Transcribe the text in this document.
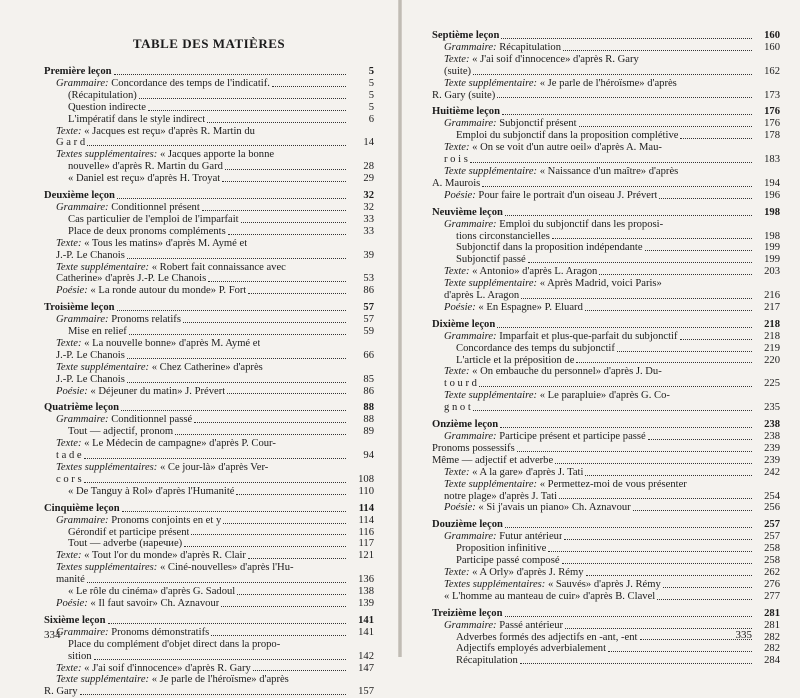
TABLE DES MATIÈRES
Première leçon	5
Grammaire: Concordance des temps de l'indicatif.	5
(Récapitulation)	5
Question indirecte	5
L'impératif dans le style indirect	6
Texte: « Jacques est reçu» d'après R. Martin du
G a r d	14
Textes supplémentaires: « Jacques apporte la bonne
nouvelle» d'après R. Martin du Gard	28
« Daniel est reçu» d'après H. Troyat	29
Deuxième leçon	32
Grammaire: Conditionnel présent	32
Cas particulier de l'emploi de l'imparfait	33
Place de deux pronoms compléments	33
Texte: « Tous les matins» d'après M. Aymé et
J.-P. Le Chanois	39
Texte supplémentaire: « Robert fait connaissance avec
Catherine» d'après J.-P. Le Chanois	53
Poésie: « La ronde autour du monde» P. Fort	86
Troisième leçon	57
Grammaire: Pronoms relatifs	57
Mise en relief	59
Texte: « La nouvelle bonne» d'après M. Aymé et
J.-P. Le Chanois	66
Texte supplémentaire: « Chez Catherine» d'après
J.-P. Le Chanois	85
Poésie: « Déjeuner du matin» J. Prévert	86
Quatrième leçon	88
Grammaire: Conditionnel passé	88
Tout — adjectif, pronom	89
Texte: « Le Médecin de campagne» d'après P. Cour-
t a d e	94
Textes supplémentaires: « Ce jour-là» d'après Ver-
c o r s	108
« De Tanguy à Rol» d'après l'Humanité	110
Cinquième leçon	114
Grammaire: Pronoms conjoints en et y	114
Gérondif et participe présent	116
Tout — adverbe (наречие)	117
Texte: « Tout l'or du monde» d'après R. Clair	121
Textes supplémentaires: « Ciné-nouvelles» d'après l'Hu-
manité	136
« Le rôle du cinéma» d'après G. Sadoul	138
Poésie: « Il faut savoir» Ch. Aznavour	139
Sixième leçon	141
Grammaire: Pronoms démonstratifs	141
Place du complément d'objet direct dans la propo-
sition	142
Texte: « J'ai soif d'innocence» d'après R. Gary	147
Texte supplémentaire: « Je parle de l'héroïsme» d'après
R. Gary	157
334
Septième leçon	160
Grammaire: Récapitulation	160
Texte: « J'ai soif d'innocence» d'après R. Gary
(suite)	162
Texte supplémentaire: « Je parle de l'héroïsme» d'après
R. Gary (suite)	173
Huitième leçon	176
Grammaire: Subjonctif présent	176
Emploi du subjonctif dans la proposition complétive	178
Texte: « On se voit d'un autre oeil» d'après A. Mau-
r o i s	183
Texte supplémentaire: « Naissance d'un maître» d'après
A. Maurois	194
Poésie: Pour faire le portrait d'un oiseau J. Prévert	196
Neuvième leçon	198
Grammaire: Emploi du subjonctif dans les proposi-
tions circonstancielles	198
Subjonctif dans la proposition indépendante	199
Subjonctif passé	199
Texte: « Antonio» d'après L. Aragon	203
Texte supplémentaire: « Après Madrid, voici Paris»
d'après L. Aragon	216
Poésie: « En Espagne» P. Eluard	217
Dixième leçon	218
Grammaire: Imparfait et plus-que-parfait du subjonctif	218
Concordance des temps du subjonctif	219
L'article et la préposition de	220
Texte: « On embauche du personnel» d'après J. Du-
t o u r d	225
Texte supplémentaire: « Le parapluie» d'après G. Co-
g n o t	235
Onzième leçon	238
Grammaire: Participe présent et participe passé	238
Pronoms possessifs	239
Même — adjectif et adverbe	239
Texte: « A la gare» d'après J. Tati	242
Texte supplémentaire: « Permettez-moi de vous présenter
notre plage» d'après J. Tati	254
Poésie: « Si j'avais un piano» Ch. Aznavour	256
Douzième leçon	257
Grammaire: Futur antérieur	257
Proposition infinitive	258
Participe passé composé	258
Texte: « A Orly» d'après J. Rémy	262
Textes supplémentaires: « Sauvés» d'après J. Rémy	276
« L'homme au manteau de cuir» d'après B. Clavel	277
Treizième leçon	281
Grammaire: Passé antérieur	281
Adverbes formés des adjectifs en -ant, -ent	282
Adjectifs employés adverbialement	282
Récapitulation	284
335
